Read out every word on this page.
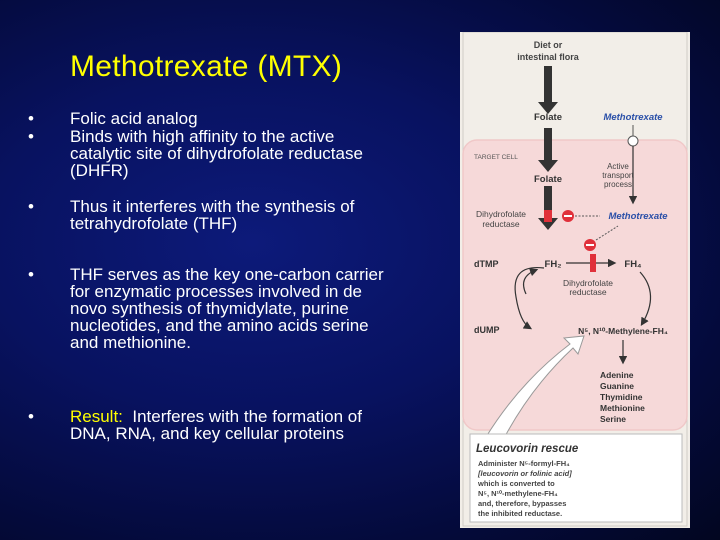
Methotrexate (MTX)
•	Folic acid analog
•	Binds with high affinity to the active catalytic site of dihydrofolate reductase (DHFR)
•	Thus it interferes with the synthesis of tetrahydrofolate (THF)
•	THF serves as the key one-carbon carrier for enzymatic processes involved in de novo synthesis of thymidylate, purine nucleotides, and the amino acids serine and methionine.
•	Result: Interferes with the formation of DNA, RNA, and key cellular proteins
Diet or
intestinal flora
Folate	Methotrexate
TARGET CELL
Folate
Active
transport
process
Dihydrofolate
reductase
Methotrexate
dTMP	FH₂	FH₄
Dihydrofolate
reductase
dUMP	N⁵, N¹⁰-Methylene-FH₄
Adenine
Guanine
Thymidine
Methionine
Serine
Leucovorin rescue
Administer N⁵-formyl-FH₄
[leucovorin or folinic acid]
which is converted to
N⁵, N¹⁰-methylene-FH₄
and, therefore, bypasses
the inhibited reductase.
